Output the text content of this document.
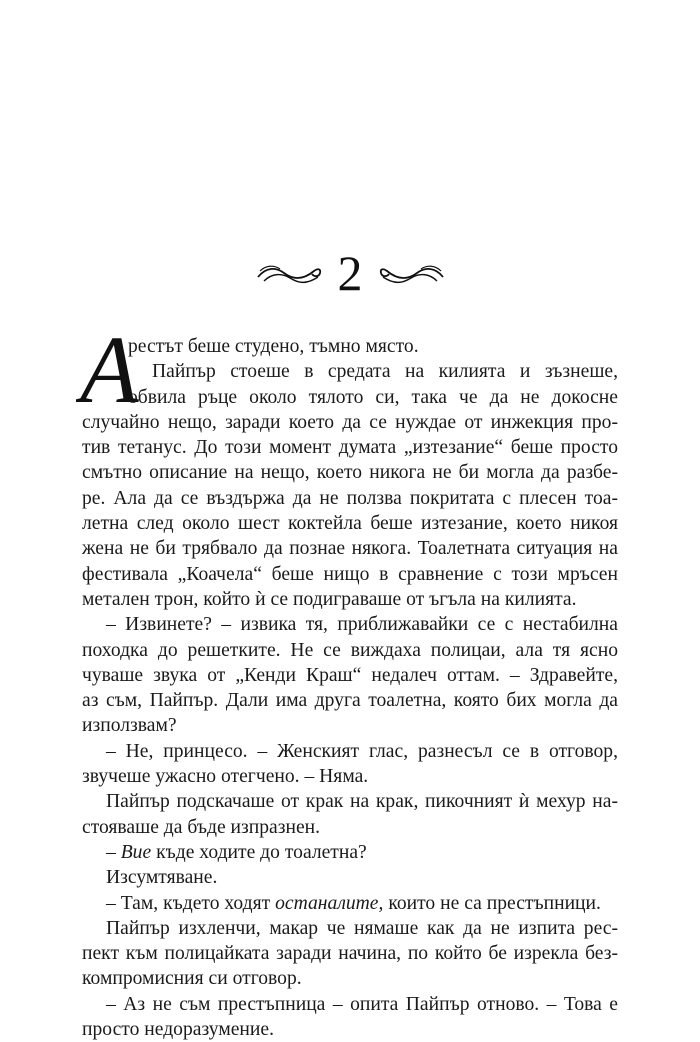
2
А
рестът беше студено, тъмно място.
Пайпър стоеше в средата на килията и зъзнеше,
обвила ръце около тялото си, така че да не докосне
случайно нещо, заради което да се нуждае от инжекция про-
тив тетанус. До този момент думата „изтезание“ беше просто
смътно описание на нещо, което никога не би могла да разбе-
ре. Ала да се въздържа да не ползва покритата с плесен тоа-
летна след около шест коктейла беше изтезание, което никоя
жена не би трябвало да познае някога. Тоалетната ситуация на
фестивала „Коачела“ беше нищо в сравнение с този мръсен
метален трон, който ѝ се подиграваше от ъгъла на килията.
– Извинете? – извика тя, приближавайки се с нестабилна
походка до решетките. Не се виждаха полицаи, ала тя ясно
чуваше звука от „Кенди Краш“ недалеч оттам. – Здравейте,
аз съм, Пайпър. Дали има друга тоалетна, която бих могла да
използвам?
– Не, принцесо. – Женският глас, разнесъл се в отговор,
звучеше ужасно отегчено. – Няма.
Пайпър подскачаше от крак на крак, пикочният ѝ мехур на-
стояваше да бъде изпразнен.
– Вие къде ходите до тоалетна?
Изсумтяване.
– Там, където ходят останалите, които не са престъпници.
Пайпър изхленчи, макар че нямаше как да не изпита рес-
пект към полицайката заради начина, по който бе изрекла без-
компромисния си отговор.
– Аз не съм престъпница – опита Пайпър отново. – Това е
просто недоразумение.
